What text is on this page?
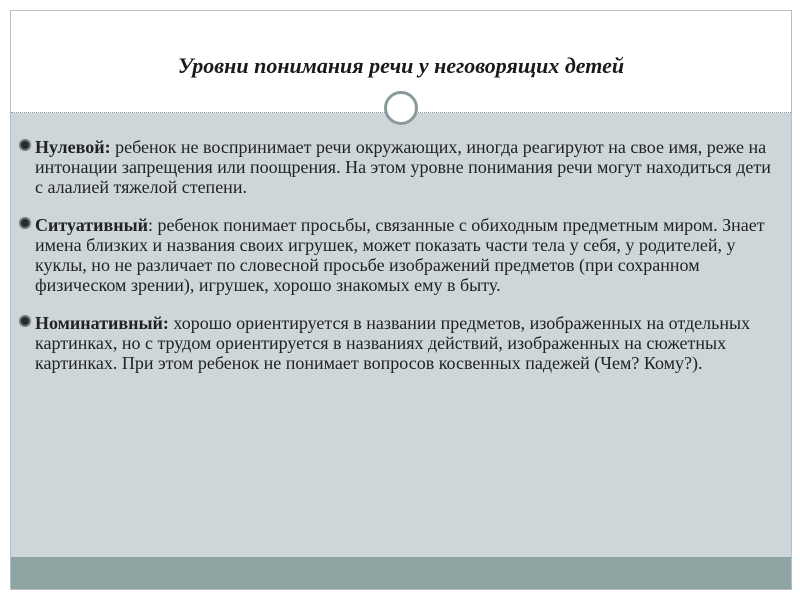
Уровни понимания речи у неговорящих детей

Нулевой: ребенок не воспринимает речи окружающих, иногда реагируют на свое имя, реже на интонации запрещения или поощрения. На этом уровне понимания речи могут находиться дети с алалией тяжелой степени.

Ситуативный: ребенок понимает просьбы, связанные с обиходным предметным миром. Знает имена близких и названия своих игрушек, может показать части тела у себя, у родителей, у куклы, но не различает по словесной просьбе изображений предметов (при сохранном физическом зрении), игрушек, хорошо знакомых ему в быту.

Номинативный: хорошо ориентируется в названии предметов, изображенных на отдельных картинках, но с трудом ориентируется в названиях действий, изображенных на сюжетных картинках. При этом ребенок не понимает вопросов косвенных падежей (Чем? Кому?).
